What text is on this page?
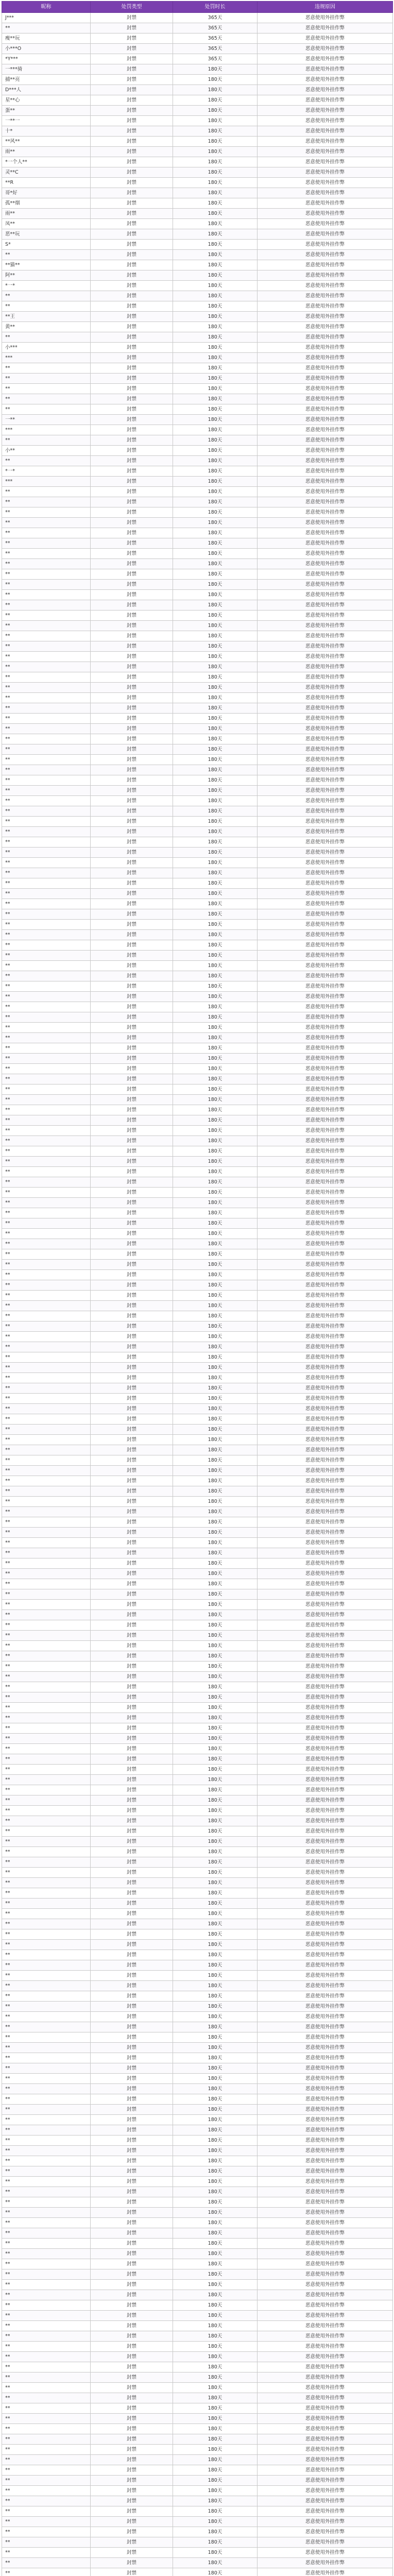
昵称	处罚类型	处罚时长	违规原因
J***	封禁	365天	恶意使用外挂作弊
**	封禁	365天	恶意使用外挂作弊
瘦**玩	封禁	365天	恶意使用外挂作弊
小***O	封禁	365天	恶意使用外挂作弊
*Y***	封禁	365天	恶意使用外挂作弊
一***骑	封禁	180天	恶意使用外挂作弊
捕**亮	封禁	180天	恶意使用外挂作弊
D***人	封禁	180天	恶意使用外挂作弊
星**心	封禁	180天	恶意使用外挂作弊
蛋**	封禁	180天	恶意使用外挂作弊
一**一	封禁	180天	恶意使用外挂作弊
十*	封禁	180天	恶意使用外挂作弊
**风**	封禁	180天	恶意使用外挂作弊
雨**	封禁	180天	恶意使用外挂作弊
*一个人**	封禁	180天	恶意使用外挂作弊
灵**C	封禁	180天	恶意使用外挂作弊
**R	封禁	180天	恶意使用外挂作弊
哥*好	封禁	180天	恶意使用外挂作弊
孤**烟	封禁	180天	恶意使用外挂作弊
雨**	封禁	180天	恶意使用外挂作弊
凤**	封禁	180天	恶意使用外挂作弊
恶**玩	封禁	180天	恶意使用外挂作弊
S*	封禁	180天	恶意使用外挂作弊
**	封禁	180天	恶意使用外挂作弊
**猫**	封禁	180天	恶意使用外挂作弊
阿**	封禁	180天	恶意使用外挂作弊
*一*	封禁	180天	恶意使用外挂作弊
**	封禁	180天	恶意使用外挂作弊
**	封禁	180天	恶意使用外挂作弊
**王	封禁	180天	恶意使用外挂作弊
黄**	封禁	180天	恶意使用外挂作弊
**	封禁	180天	恶意使用外挂作弊
小***	封禁	180天	恶意使用外挂作弊
***	封禁	180天	恶意使用外挂作弊
**	封禁	180天	恶意使用外挂作弊
**	封禁	180天	恶意使用外挂作弊
**	封禁	180天	恶意使用外挂作弊
**	封禁	180天	恶意使用外挂作弊
**	封禁	180天	恶意使用外挂作弊
一**	封禁	180天	恶意使用外挂作弊
***	封禁	180天	恶意使用外挂作弊
**	封禁	180天	恶意使用外挂作弊
小**	封禁	180天	恶意使用外挂作弊
**	封禁	180天	恶意使用外挂作弊
*一*	封禁	180天	恶意使用外挂作弊
***	封禁	180天	恶意使用外挂作弊
**	封禁	180天	恶意使用外挂作弊
**	封禁	180天	恶意使用外挂作弊
**	封禁	180天	恶意使用外挂作弊
**	封禁	180天	恶意使用外挂作弊
**	封禁	180天	恶意使用外挂作弊
**	封禁	180天	恶意使用外挂作弊
**	封禁	180天	恶意使用外挂作弊
**	封禁	180天	恶意使用外挂作弊
**	封禁	180天	恶意使用外挂作弊
**	封禁	180天	恶意使用外挂作弊
**	封禁	180天	恶意使用外挂作弊
**	封禁	180天	恶意使用外挂作弊
**	封禁	180天	恶意使用外挂作弊
**	封禁	180天	恶意使用外挂作弊
**	封禁	180天	恶意使用外挂作弊
**	封禁	180天	恶意使用外挂作弊
**	封禁	180天	恶意使用外挂作弊
**	封禁	180天	恶意使用外挂作弊
**	封禁	180天	恶意使用外挂作弊
**	封禁	180天	恶意使用外挂作弊
**	封禁	180天	恶意使用外挂作弊
**	封禁	180天	恶意使用外挂作弊
**	封禁	180天	恶意使用外挂作弊
**	封禁	180天	恶意使用外挂作弊
**	封禁	180天	恶意使用外挂作弊
**	封禁	180天	恶意使用外挂作弊
**	封禁	180天	恶意使用外挂作弊
**	封禁	180天	恶意使用外挂作弊
**	封禁	180天	恶意使用外挂作弊
**	封禁	180天	恶意使用外挂作弊
**	封禁	180天	恶意使用外挂作弊
**	封禁	180天	恶意使用外挂作弊
**	封禁	180天	恶意使用外挂作弊
**	封禁	180天	恶意使用外挂作弊
**	封禁	180天	恶意使用外挂作弊
**	封禁	180天	恶意使用外挂作弊
**	封禁	180天	恶意使用外挂作弊
**	封禁	180天	恶意使用外挂作弊
**	封禁	180天	恶意使用外挂作弊
**	封禁	180天	恶意使用外挂作弊
**	封禁	180天	恶意使用外挂作弊
**	封禁	180天	恶意使用外挂作弊
**	封禁	180天	恶意使用外挂作弊
**	封禁	180天	恶意使用外挂作弊
**	封禁	180天	恶意使用外挂作弊
**	封禁	180天	恶意使用外挂作弊
**	封禁	180天	恶意使用外挂作弊
**	封禁	180天	恶意使用外挂作弊
**	封禁	180天	恶意使用外挂作弊
**	封禁	180天	恶意使用外挂作弊
**	封禁	180天	恶意使用外挂作弊
**	封禁	180天	恶意使用外挂作弊
**	封禁	180天	恶意使用外挂作弊
**	封禁	180天	恶意使用外挂作弊
**	封禁	180天	恶意使用外挂作弊
**	封禁	180天	恶意使用外挂作弊
**	封禁	180天	恶意使用外挂作弊
**	封禁	180天	恶意使用外挂作弊
**	封禁	180天	恶意使用外挂作弊
**	封禁	180天	恶意使用外挂作弊
**	封禁	180天	恶意使用外挂作弊
**	封禁	180天	恶意使用外挂作弊
**	封禁	180天	恶意使用外挂作弊
**	封禁	180天	恶意使用外挂作弊
**	封禁	180天	恶意使用外挂作弊
**	封禁	180天	恶意使用外挂作弊
**	封禁	180天	恶意使用外挂作弊
**	封禁	180天	恶意使用外挂作弊
**	封禁	180天	恶意使用外挂作弊
**	封禁	180天	恶意使用外挂作弊
**	封禁	180天	恶意使用外挂作弊
**	封禁	180天	恶意使用外挂作弊
**	封禁	180天	恶意使用外挂作弊
**	封禁	180天	恶意使用外挂作弊
**	封禁	180天	恶意使用外挂作弊
**	封禁	180天	恶意使用外挂作弊
**	封禁	180天	恶意使用外挂作弊
**	封禁	180天	恶意使用外挂作弊
**	封禁	180天	恶意使用外挂作弊
**	封禁	180天	恶意使用外挂作弊
**	封禁	180天	恶意使用外挂作弊
**	封禁	180天	恶意使用外挂作弊
**	封禁	180天	恶意使用外挂作弊
**	封禁	180天	恶意使用外挂作弊
**	封禁	180天	恶意使用外挂作弊
**	封禁	180天	恶意使用外挂作弊
**	封禁	180天	恶意使用外挂作弊
**	封禁	180天	恶意使用外挂作弊
**	封禁	180天	恶意使用外挂作弊
**	封禁	180天	恶意使用外挂作弊
**	封禁	180天	恶意使用外挂作弊
**	封禁	180天	恶意使用外挂作弊
**	封禁	180天	恶意使用外挂作弊
**	封禁	180天	恶意使用外挂作弊
**	封禁	180天	恶意使用外挂作弊
**	封禁	180天	恶意使用外挂作弊
**	封禁	180天	恶意使用外挂作弊
**	封禁	180天	恶意使用外挂作弊
**	封禁	180天	恶意使用外挂作弊
**	封禁	180天	恶意使用外挂作弊
**	封禁	180天	恶意使用外挂作弊
**	封禁	180天	恶意使用外挂作弊
**	封禁	180天	恶意使用外挂作弊
**	封禁	180天	恶意使用外挂作弊
**	封禁	180天	恶意使用外挂作弊
**	封禁	180天	恶意使用外挂作弊
**	封禁	180天	恶意使用外挂作弊
**	封禁	180天	恶意使用外挂作弊
**	封禁	180天	恶意使用外挂作弊
**	封禁	180天	恶意使用外挂作弊
**	封禁	180天	恶意使用外挂作弊
**	封禁	180天	恶意使用外挂作弊
**	封禁	180天	恶意使用外挂作弊
**	封禁	180天	恶意使用外挂作弊
**	封禁	180天	恶意使用外挂作弊
**	封禁	180天	恶意使用外挂作弊
**	封禁	180天	恶意使用外挂作弊
**	封禁	180天	恶意使用外挂作弊
**	封禁	180天	恶意使用外挂作弊
**	封禁	180天	恶意使用外挂作弊
**	封禁	180天	恶意使用外挂作弊
**	封禁	180天	恶意使用外挂作弊
**	封禁	180天	恶意使用外挂作弊
**	封禁	180天	恶意使用外挂作弊
**	封禁	180天	恶意使用外挂作弊
**	封禁	180天	恶意使用外挂作弊
**	封禁	180天	恶意使用外挂作弊
**	封禁	180天	恶意使用外挂作弊
**	封禁	180天	恶意使用外挂作弊
**	封禁	180天	恶意使用外挂作弊
**	封禁	180天	恶意使用外挂作弊
**	封禁	180天	恶意使用外挂作弊
**	封禁	180天	恶意使用外挂作弊
**	封禁	180天	恶意使用外挂作弊
**	封禁	180天	恶意使用外挂作弊
**	封禁	180天	恶意使用外挂作弊
**	封禁	180天	恶意使用外挂作弊
**	封禁	180天	恶意使用外挂作弊
**	封禁	180天	恶意使用外挂作弊
**	封禁	180天	恶意使用外挂作弊
**	封禁	180天	恶意使用外挂作弊
**	封禁	180天	恶意使用外挂作弊
**	封禁	180天	恶意使用外挂作弊
**	封禁	180天	恶意使用外挂作弊
**	封禁	180天	恶意使用外挂作弊
**	封禁	180天	恶意使用外挂作弊
**	封禁	180天	恶意使用外挂作弊
**	封禁	180天	恶意使用外挂作弊
**	封禁	180天	恶意使用外挂作弊
**	封禁	180天	恶意使用外挂作弊
**	封禁	180天	恶意使用外挂作弊
**	封禁	180天	恶意使用外挂作弊
**	封禁	180天	恶意使用外挂作弊
**	封禁	180天	恶意使用外挂作弊
**	封禁	180天	恶意使用外挂作弊
**	封禁	180天	恶意使用外挂作弊
**	封禁	180天	恶意使用外挂作弊
**	封禁	180天	恶意使用外挂作弊
**	封禁	180天	恶意使用外挂作弊
**	封禁	180天	恶意使用外挂作弊
**	封禁	180天	恶意使用外挂作弊
**	封禁	180天	恶意使用外挂作弊
**	封禁	180天	恶意使用外挂作弊
**	封禁	180天	恶意使用外挂作弊
**	封禁	180天	恶意使用外挂作弊
**	封禁	180天	恶意使用外挂作弊
**	封禁	180天	恶意使用外挂作弊
**	封禁	180天	恶意使用外挂作弊
**	封禁	180天	恶意使用外挂作弊
**	封禁	180天	恶意使用外挂作弊
**	封禁	180天	恶意使用外挂作弊
**	封禁	180天	恶意使用外挂作弊
**	封禁	180天	恶意使用外挂作弊
**	封禁	180天	恶意使用外挂作弊
**	封禁	180天	恶意使用外挂作弊
**	封禁	180天	恶意使用外挂作弊
**	封禁	180天	恶意使用外挂作弊
**	封禁	180天	恶意使用外挂作弊
**	封禁	180天	恶意使用外挂作弊
**	封禁	180天	恶意使用外挂作弊
**	封禁	180天	恶意使用外挂作弊
**	封禁	180天	恶意使用外挂作弊
**	封禁	180天	恶意使用外挂作弊
**	封禁	180天	恶意使用外挂作弊
**	封禁	180天	恶意使用外挂作弊
**	封禁	180天	恶意使用外挂作弊
**	封禁	180天	恶意使用外挂作弊
**	封禁	180天	恶意使用外挂作弊
**	封禁	180天	恶意使用外挂作弊
**	封禁	180天	恶意使用外挂作弊
**	封禁	180天	恶意使用外挂作弊
**	封禁	180天	恶意使用外挂作弊
**	封禁	180天	恶意使用外挂作弊
**	封禁	180天	恶意使用外挂作弊
**	封禁	180天	恶意使用外挂作弊
**	封禁	180天	恶意使用外挂作弊
**	封禁	180天	恶意使用外挂作弊
**	封禁	180天	恶意使用外挂作弊
**	封禁	180天	恶意使用外挂作弊
**	封禁	180天	恶意使用外挂作弊
**	封禁	180天	恶意使用外挂作弊
**	封禁	180天	恶意使用外挂作弊
**	封禁	180天	恶意使用外挂作弊
